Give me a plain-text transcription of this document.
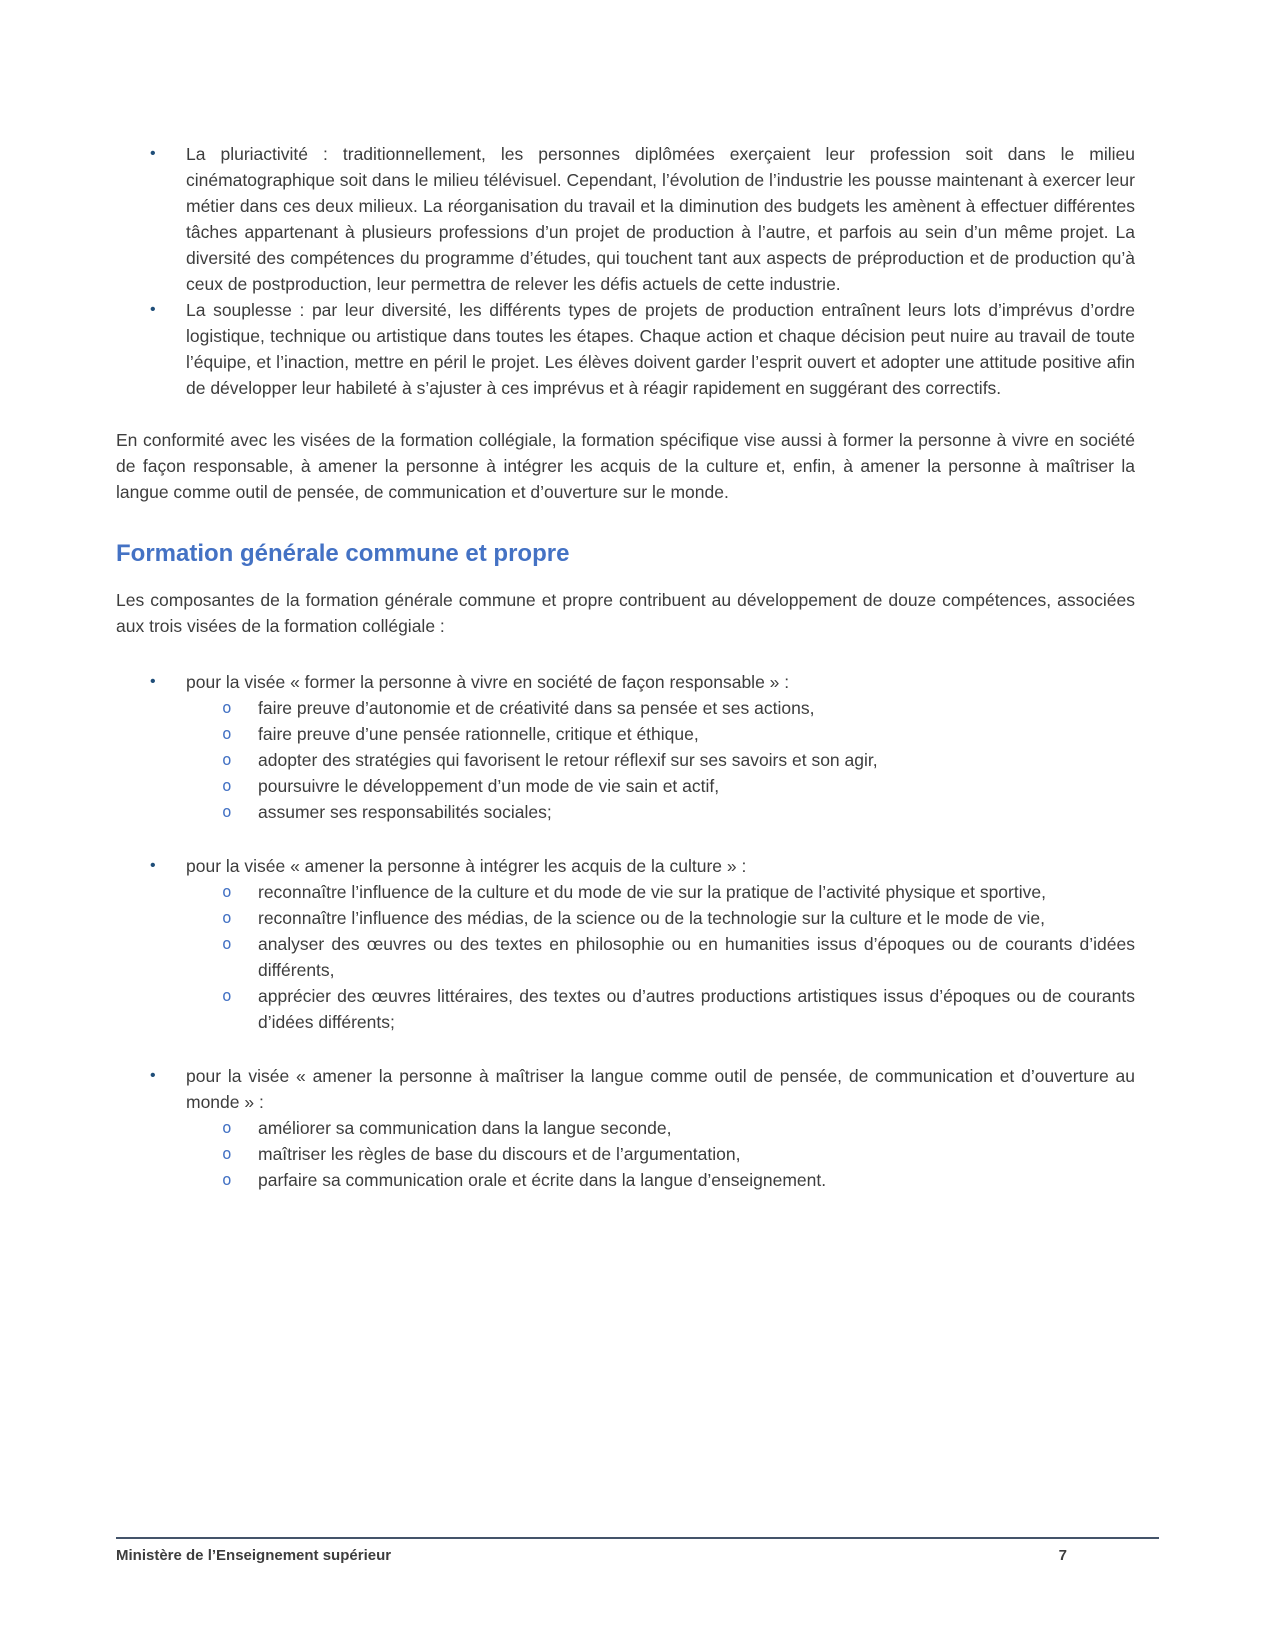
•	La pluriactivité : traditionnellement, les personnes diplômées exerçaient leur profession soit dans le milieu cinématographique soit dans le milieu télévisuel. Cependant, l’évolution de l’industrie les pousse maintenant à exercer leur métier dans ces deux milieux. La réorganisation du travail et la diminution des budgets les amènent à effectuer différentes tâches appartenant à plusieurs professions d’un projet de production à l’autre, et parfois au sein d’un même projet. La diversité des compétences du programme d’études, qui touchent tant aux aspects de préproduction et de production qu’à ceux de postproduction, leur permettra de relever les défis actuels de cette industrie.
•	La souplesse : par leur diversité, les différents types de projets de production entraînent leurs lots d’imprévus d’ordre logistique, technique ou artistique dans toutes les étapes. Chaque action et chaque décision peut nuire au travail de toute l’équipe, et l’inaction, mettre en péril le projet. Les élèves doivent garder l’esprit ouvert et adopter une attitude positive afin de développer leur habileté à s’ajuster à ces imprévus et à réagir rapidement en suggérant des correctifs.

En conformité avec les visées de la formation collégiale, la formation spécifique vise aussi à former la personne à vivre en société de façon responsable, à amener la personne à intégrer les acquis de la culture et, enfin, à amener la personne à maîtriser la langue comme outil de pensée, de communication et d’ouverture sur le monde.

Formation générale commune et propre

Les composantes de la formation générale commune et propre contribuent au développement de douze compétences, associées aux trois visées de la formation collégiale :

•	pour la visée « former la personne à vivre en société de façon responsable » :
o	faire preuve d’autonomie et de créativité dans sa pensée et ses actions,
o	faire preuve d’une pensée rationnelle, critique et éthique,
o	adopter des stratégies qui favorisent le retour réflexif sur ses savoirs et son agir,
o	poursuivre le développement d’un mode de vie sain et actif,
o	assumer ses responsabilités sociales;
•	pour la visée « amener la personne à intégrer les acquis de la culture » :
o	reconnaître l’influence de la culture et du mode de vie sur la pratique de l’activité physique et sportive,
o	reconnaître l’influence des médias, de la science ou de la technologie sur la culture et le mode de vie,
o	analyser des œuvres ou des textes en philosophie ou en humanities issus d’époques ou de courants d’idées différents,
o	apprécier des œuvres littéraires, des textes ou d’autres productions artistiques issus d’époques ou de courants d’idées différents;
•	pour la visée « amener la personne à maîtriser la langue comme outil de pensée, de communication et d’ouverture au monde » :
o	améliorer sa communication dans la langue seconde,
o	maîtriser les règles de base du discours et de l’argumentation,
o	parfaire sa communication orale et écrite dans la langue d’enseignement.
Ministère de l’Enseignement supérieur	7
